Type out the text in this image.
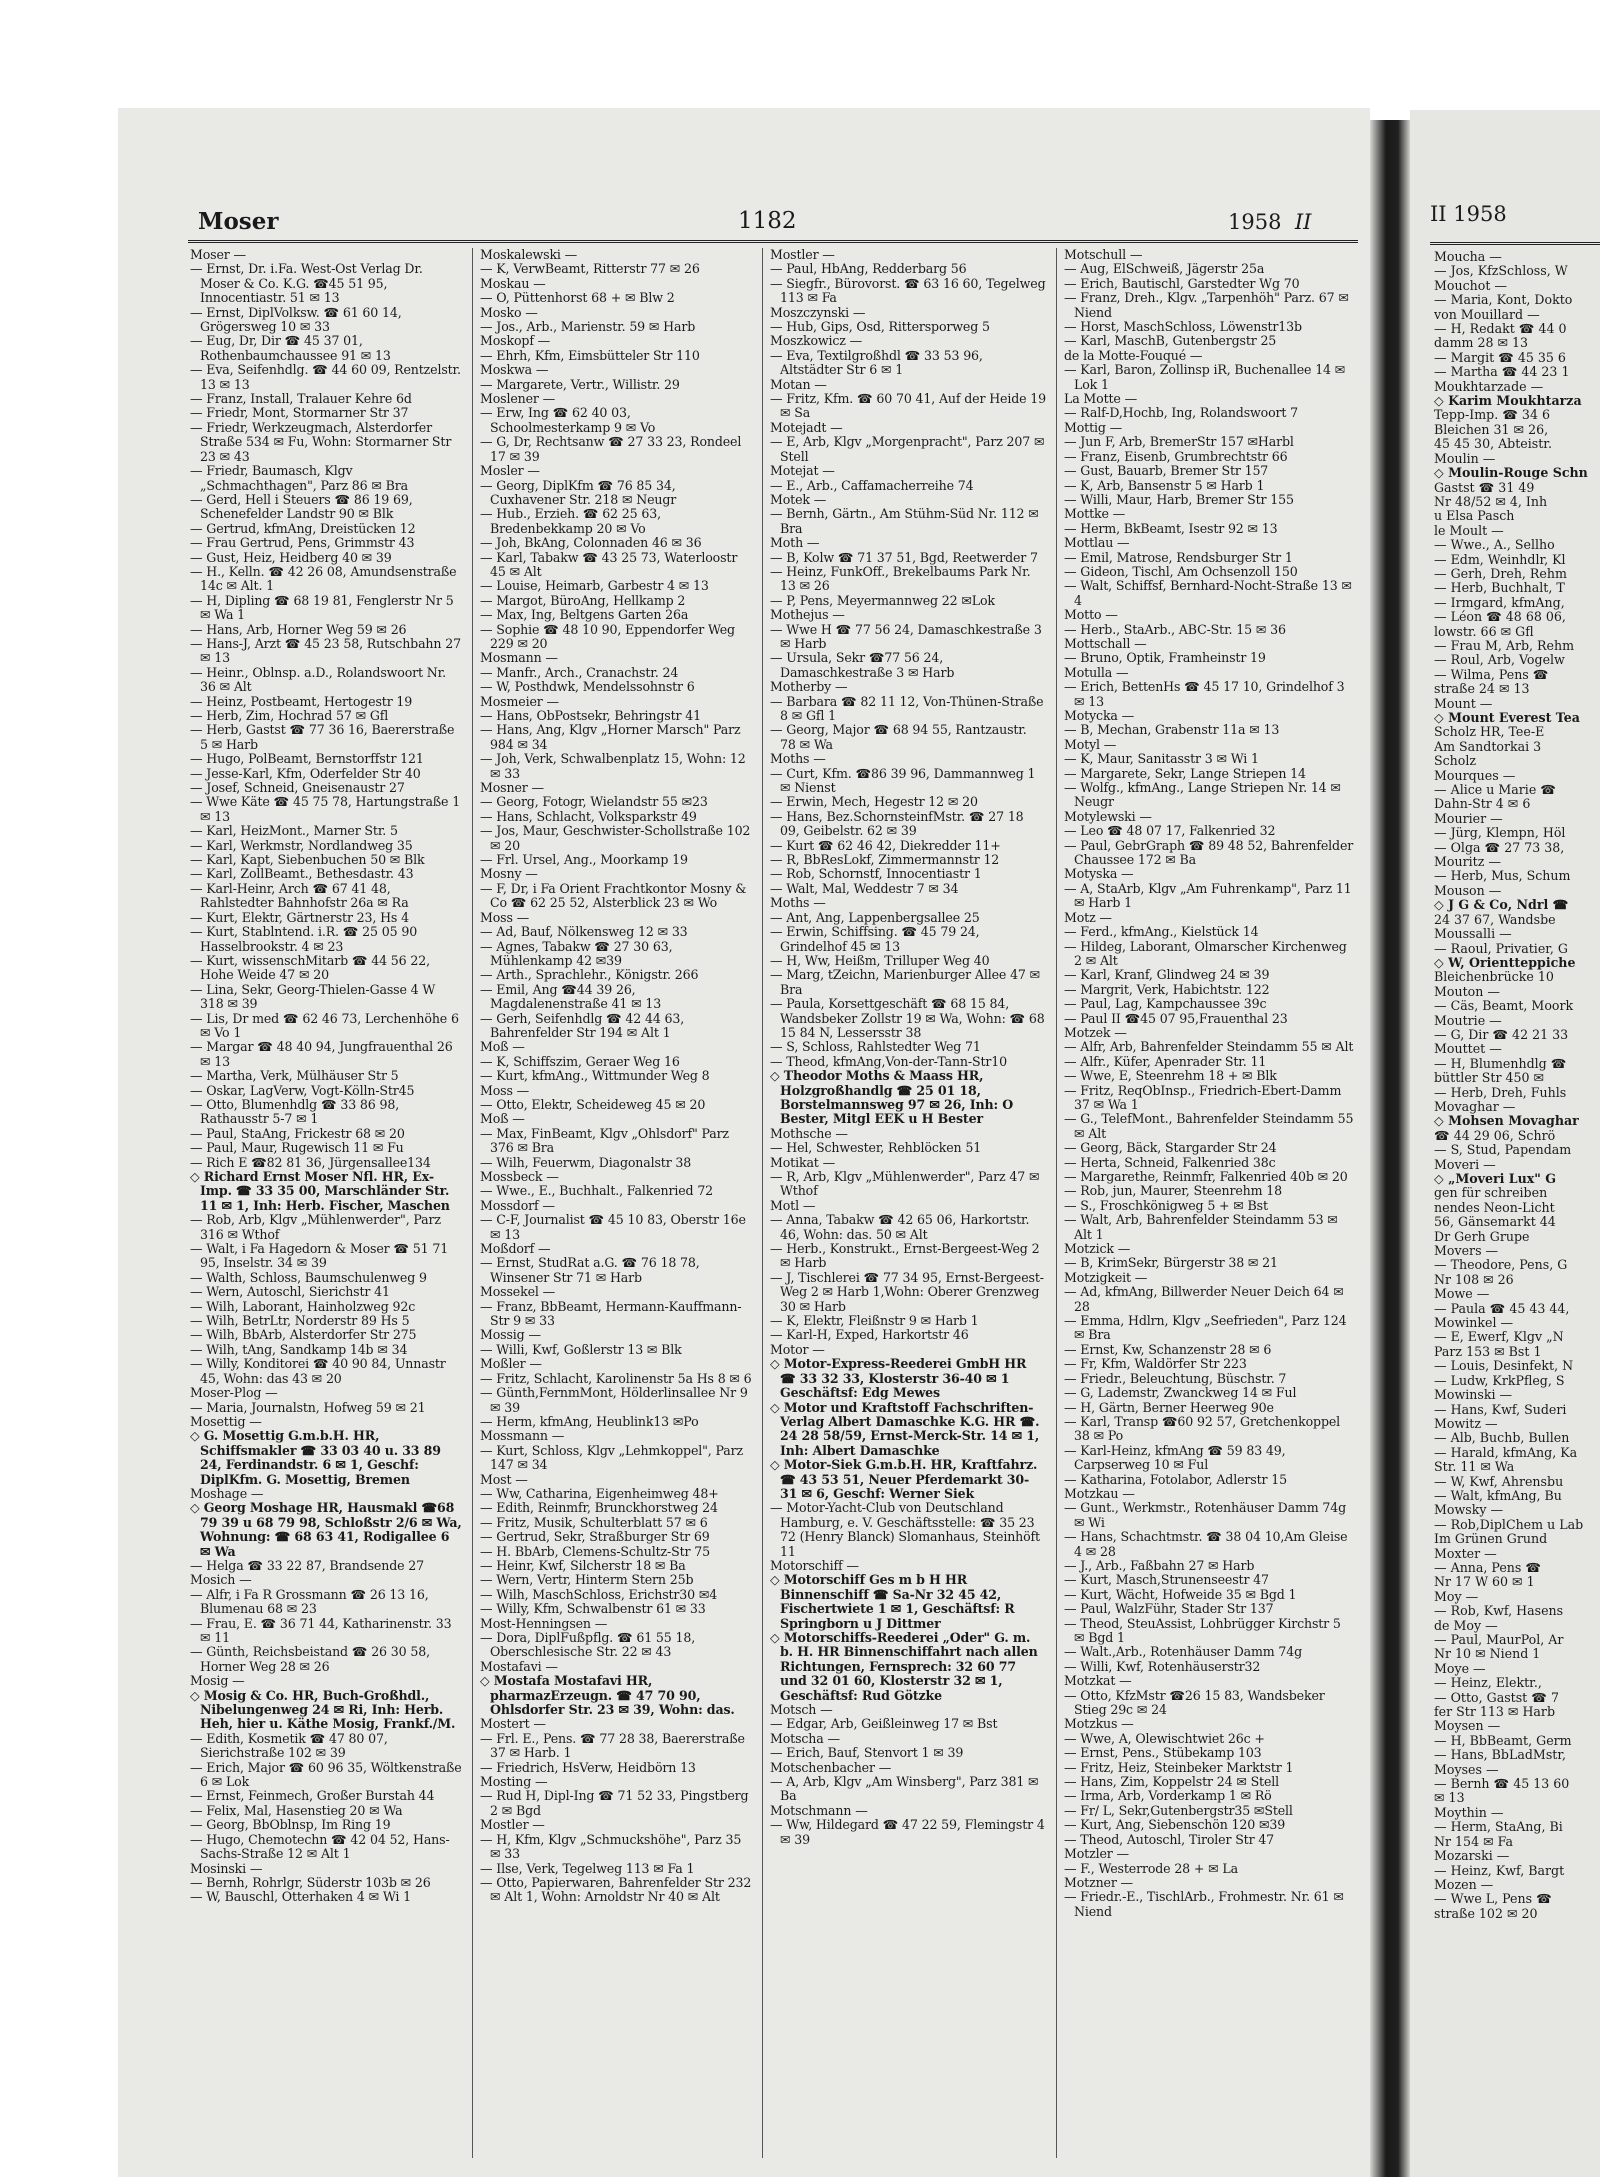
Moser	1182	1958 II

Moser —

— Ernst, Dr. i.Fa. West-Ost Verlag Dr. Moser & Co. K.G. ☎45 51 95, Innocentiastr. 51 ✉ 13

— Ernst, DiplVolksw. ☎ 61 60 14, Grögersweg 10 ✉ 33

— Eug, Dr, Dir ☎ 45 37 01, Rothenbaumchaussee 91 ✉ 13

— Eva, Seifenhdlg. ☎ 44 60 09, Rentzelstr. 13 ✉ 13

— Franz, Install, Tralauer Kehre 6d

— Friedr, Mont, Stormarner Str 37

— Friedr, Werkzeugmach, Alsterdorfer Straße 534 ✉ Fu, Wohn: Stormarner Str 23 ✉ 43

— Friedr, Baumasch, Klgv „Schmachthagen", Parz 86 ✉ Bra

— Gerd, Hell i Steuers ☎ 86 19 69, Schenefelder Landstr 90 ✉ Blk

— Gertrud, kfmAng, Dreistücken 12

— Frau Gertrud, Pens, Grimmstr 43

— Gust, Heiz, Heidberg 40 ✉ 39

— H., Kelln. ☎ 42 26 08, Amundsenstraße 14c ✉ Alt. 1

— H, Dipling ☎ 68 19 81, Fenglerstr Nr 5 ✉ Wa 1

— Hans, Arb, Horner Weg 59 ✉ 26

— Hans-J, Arzt ☎ 45 23 58, Rutschbahn 27 ✉ 13

— Heinr., Oblnsp. a.D., Rolandswoort Nr. 36 ✉ Alt

— Heinz, Postbeamt, Hertogestr 19

— Herb, Zim, Hochrad 57 ✉ Gfl

— Herb, Gastst ☎ 77 36 16, Baererstraße 5 ✉ Harb

— Hugo, PolBeamt, Bernstorffstr 121

— Jesse-Karl, Kfm, Oderfelder Str 40

— Josef, Schneid, Gneisenaustr 27

— Wwe Käte ☎ 45 75 78, Hartungstraße 1 ✉ 13

— Karl, HeizMont., Marner Str. 5

— Karl, Werkmstr, Nordlandweg 35

— Karl, Kapt, Siebenbuchen 50 ✉ Blk

— Karl, ZollBeamt., Bethesdastr. 43

— Karl-Heinr, Arch ☎ 67 41 48, Rahlstedter Bahnhofstr 26a ✉ Ra

— Kurt, Elektr, Gärtnerstr 23, Hs 4

— Kurt, Stablntend. i.R. ☎ 25 05 90 Hasselbrookstr. 4 ✉ 23

— Kurt, wissenschMitarb ☎ 44 56 22, Hohe Weide 47 ✉ 20

— Lina, Sekr, Georg-Thielen-Gasse 4 W 318 ✉ 39

— Lis, Dr med ☎ 62 46 73, Lerchenhöhe 6 ✉ Vo 1

— Margar ☎ 48 40 94, Jungfrauenthal 26 ✉ 13

— Martha, Verk, Mülhäuser Str 5

— Oskar, LagVerw, Vogt-Kölln-Str45

— Otto, Blumenhdlg ☎ 33 86 98, Rathausstr 5-7 ✉ 1

— Paul, StaAng, Frickestr 68 ✉ 20

— Paul, Maur, Rugewisch 11 ✉ Fu

— Rich E ☎82 81 36, Jürgensallee134

◇ Richard Ernst Moser Nfl. HR, Ex-Imp. ☎ 33 35 00, Marschländer Str. 11 ✉ 1, Inh: Herb. Fischer, Maschen

— Rob, Arb, Klgv „Mühlenwerder", Parz 316 ✉ Wthof

— Walt, i Fa Hagedorn & Moser ☎ 51 71 95, Inselstr. 34 ✉ 39

— Walth, Schloss, Baumschulenweg 9

— Wern, Autoschl, Sierichstr 41

— Wilh, Laborant, Hainholzweg 92c

— Wilh, BetrLtr, Norderstr 89 Hs 5

— Wilh, BbArb, Alsterdorfer Str 275

— Wilh, tAng, Sandkamp 14b ✉ 34

— Willy, Konditorei ☎ 40 90 84, Unnastr 45, Wohn: das 43 ✉ 20

Moser-Plog —

— Maria, Journalstn, Hofweg 59 ✉ 21

Mosettig —

◇ G. Mosettig G.m.b.H. HR, Schiffsmakler ☎ 33 03 40 u. 33 89 24, Ferdinandstr. 6 ✉ 1, Geschf: DiplKfm. G. Mosettig, Bremen

Moshage —

◇ Georg Moshage HR, Hausmakl ☎68 79 39 u 68 79 98, Schloßstr 2/6 ✉ Wa, Wohnung: ☎ 68 63 41, Rodigallee 6 ✉ Wa

— Helga ☎ 33 22 87, Brandsende 27

Mosich —

— Alfr, i Fa R Grossmann ☎ 26 13 16, Blumenau 68 ✉ 23

— Frau, E. ☎ 36 71 44, Katharinenstr. 33 ✉ 11

— Günth, Reichsbeistand ☎ 26 30 58, Horner Weg 28 ✉ 26

Mosig —

◇ Mosig & Co. HR, Buch-Großhdl., Nibelungenweg 24 ✉ Ri, Inh: Herb. Heh, hier u. Käthe Mosig, Frankf./M.

— Edith, Kosmetik ☎ 47 80 07, Sierichstraße 102 ✉ 39

— Erich, Major ☎ 60 96 35, Wöltkenstraße 6 ✉ Lok

— Ernst, Feinmech, Großer Burstah 44

— Felix, Mal, Hasenstieg 20 ✉ Wa

— Georg, BbOblnsp, Im Ring 19

— Hugo, Chemotechn ☎ 42 04 52, Hans-Sachs-Straße 12 ✉ Alt 1

Mosinski —

— Bernh, Rohrlgr, Süderstr 103b ✉ 26

— W, Bauschl, Otterhaken 4 ✉ Wi 1

Moskalewski —

— K, VerwBeamt, Ritterstr 77 ✉ 26

Moskau —

— O, Püttenhorst 68 + ✉ Blw 2

Mosko —

— Jos., Arb., Marienstr. 59 ✉ Harb

Moskopf —

— Ehrh, Kfm, Eimsbütteler Str 110

Moskwa —

— Margarete, Vertr., Willistr. 29

Moslener —

— Erw, Ing ☎ 62 40 03, Schoolmesterkamp 9 ✉ Vo

— G, Dr, Rechtsanw ☎ 27 33 23, Rondeel 17 ✉ 39

Mosler —

— Georg, DiplKfm ☎ 76 85 34, Cuxhavener Str. 218 ✉ Neugr

— Hub., Erzieh. ☎ 62 25 63, Bredenbekkamp 20 ✉ Vo

— Joh, BkAng, Colonnaden 46 ✉ 36

— Karl, Tabakw ☎ 43 25 73, Waterloostr 45 ✉ Alt

— Louise, Heimarb, Garbestr 4 ✉ 13

— Margot, BüroAng, Hellkamp 2

— Max, Ing, Beltgens Garten 26a

— Sophie ☎ 48 10 90, Eppendorfer Weg 229 ✉ 20

Mosmann —

— Manfr., Arch., Cranachstr. 24

— W, Posthdwk, Mendelssohnstr 6

Mosmeier —

— Hans, ObPostsekr, Behringstr 41

— Hans, Ang, Klgv „Horner Marsch" Parz 984 ✉ 34

— Joh, Verk, Schwalbenplatz 15, Wohn: 12 ✉ 33

Mosner —

— Georg, Fotogr, Wielandstr 55 ✉23

— Hans, Schlacht, Volksparkstr 49

— Jos, Maur, Geschwister-Schollstraße 102 ✉ 20

— Frl. Ursel, Ang., Moorkamp 19

Mosny —

— F, Dr, i Fa Orient Frachtkontor Mosny & Co ☎ 62 25 52, Alsterblick 23 ✉ Wo

Moss —

— Ad, Bauf, Nölkensweg 12 ✉ 33

— Agnes, Tabakw ☎ 27 30 63, Mühlenkamp 42 ✉39

— Arth., Sprachlehr., Königstr. 266

— Emil, Ang ☎44 39 26, Magdalenenstraße 41 ✉ 13

— Gerh, Seifenhdlg ☎ 42 44 63, Bahrenfelder Str 194 ✉ Alt 1

Moß —

— K, Schiffszim, Geraer Weg 16

— Kurt, kfmAng., Wittmunder Weg 8

Moss —

— Otto, Elektr, Scheideweg 45 ✉ 20

Moß —

— Max, FinBeamt, Klgv „Ohlsdorf" Parz 376 ✉ Bra

— Wilh, Feuerwm, Diagonalstr 38

Mossbeck —

— Wwe., E., Buchhalt., Falkenried 72

Mossdorf —

— C-F, Journalist ☎ 45 10 83, Oberstr 16e ✉ 13

Moßdorf —

— Ernst, StudRat a.G. ☎ 76 18 78, Winsener Str 71 ✉ Harb

Mossekel —

— Franz, BbBeamt, Hermann-Kauffmann-Str 9 ✉ 33

Mossig —

— Willi, Kwf, Goßlerstr 13 ✉ Blk

Moßler —

— Fritz, Schlacht, Karolinenstr 5a Hs 8 ✉ 6

— Günth,FernmMont, Hölderlinsallee Nr 9 ✉ 39

— Herm, kfmAng, Heublink13 ✉Po

Mossmann —

— Kurt, Schloss, Klgv „Lehmkoppel", Parz 147 ✉ 34

Most —

— Ww, Catharina, Eigenheimweg 48+

— Edith, Reinmfr, Brunckhorstweg 24

— Fritz, Musik, Schulterblatt 57 ✉ 6

— Gertrud, Sekr, Straßburger Str 69

— H. BbArb, Clemens-Schultz-Str 75

— Heinr, Kwf, Silcherstr 18 ✉ Ba

— Wern, Vertr, Hinterm Stern 25b

— Wilh, MaschSchloss, Erichstr30 ✉4

— Willy, Kfm, Schwalbenstr 61 ✉ 33

Most-Henningsen —

— Dora, DiplFußpflg. ☎ 61 55 18, Oberschlesische Str. 22 ✉ 43

Mostafavi —

◇ Mostafa Mostafavi HR, pharmazErzeugn. ☎ 47 70 90, Ohlsdorfer Str. 23 ✉ 39, Wohn: das.

Mostert —

— Frl. E., Pens. ☎ 77 28 38, Baererstraße 37 ✉ Harb. 1

— Friedrich, HsVerw, Heidbörn 13

Mosting —

— Rud H, Dipl-Ing ☎ 71 52 33, Pingstberg 2 ✉ Bgd

Mostler —

— H, Kfm, Klgv „Schmuckshöhe", Parz 35 ✉ 33

— Ilse, Verk, Tegelweg 113 ✉ Fa 1

— Otto, Papierwaren, Bahrenfelder Str 232 ✉ Alt 1, Wohn: Arnoldstr Nr 40 ✉ Alt

Mostler —

— Paul, HbAng, Redderbarg 56

— Siegfr., Bürovorst. ☎ 63 16 60, Tegelweg 113 ✉ Fa

Moszczynski —

— Hub, Gips, Osd, Rittersporweg 5

Moszkowicz —

— Eva, Textilgroßhdl ☎ 33 53 96, Altstädter Str 6 ✉ 1

Motan —

— Fritz, Kfm. ☎ 60 70 41, Auf der Heide 19 ✉ Sa

Motejadt —

— E, Arb, Klgv „Morgenpracht", Parz 207 ✉ Stell

Motejat —

— E., Arb., Caffamacherreihe 74

Motek —

— Bernh, Gärtn., Am Stühm-Süd Nr. 112 ✉ Bra

Moth —

— B, Kolw ☎ 71 37 51, Bgd, Reetwerder 7

— Heinz, FunkOff., Brekelbaums Park Nr. 13 ✉ 26

— P, Pens, Meyermannweg 22 ✉Lok

Mothejus —

— Wwe H ☎ 77 56 24, Damaschkestraße 3 ✉ Harb

— Ursula, Sekr ☎77 56 24, Damaschkestraße 3 ✉ Harb

Motherby —

— Barbara ☎ 82 11 12, Von-Thünen-Straße 8 ✉ Gfl 1

— Georg, Major ☎ 68 94 55, Rantzaustr. 78 ✉ Wa

Moths —

— Curt, Kfm. ☎86 39 96, Dammannweg 1 ✉ Nienst

— Erwin, Mech, Hegestr 12 ✉ 20

— Hans, Bez.SchornsteinfMstr. ☎ 27 18 09, Geibelstr. 62 ✉ 39

— Kurt ☎ 62 46 42, Diekredder 11+

— R, BbResLokf, Zimmermannstr 12

— Rob, Schornstf, Innocentiastr 1

— Walt, Mal, Weddestr 7 ✉ 34

Moths —

— Ant, Ang, Lappenbergsallee 25

— Erwin, Schiffsing. ☎ 45 79 24, Grindelhof 45 ✉ 13

— H, Ww, Heißm, Trilluper Weg 40

— Marg, tZeichn, Marienburger Allee 47 ✉ Bra

— Paula, Korsettgeschäft ☎ 68 15 84, Wandsbeker Zollstr 19 ✉ Wa, Wohn: ☎ 68 15 84 N, Lessersstr 38

— S, Schloss, Rahlstedter Weg 71

— Theod, kfmAng,Von-der-Tann-Str10

◇ Theodor Moths & Maass HR, Holzgroßhandlg ☎ 25 01 18, Borstelmannsweg 97 ✉ 26, Inh: O Bester, Mitgl EEK u H Bester

Mothsche —

— Hel, Schwester, Rehblöcken 51

Motikat —

— R, Arb, Klgv „Mühlenwerder", Parz 47 ✉ Wthof

Motl —

— Anna, Tabakw ☎ 42 65 06, Harkortstr. 46, Wohn: das. 50 ✉ Alt

— Herb., Konstrukt., Ernst-Bergeest-Weg 2 ✉ Harb

— J, Tischlerei ☎ 77 34 95, Ernst-Bergeest-Weg 2 ✉ Harb 1,Wohn: Oberer Grenzweg 30 ✉ Harb

— K, Elektr, Fleißnstr 9 ✉ Harb 1

— Karl-H, Exped, Harkortstr 46

Motor —

◇ Motor-Express-Reederei GmbH HR ☎ 33 32 33, Klosterstr 36-40 ✉ 1 Geschäftsf: Edg Mewes

◇ Motor und Kraftstoff Fachschriften-Verlag Albert Damaschke K.G. HR ☎. 24 28 58/59, Ernst-Merck-Str. 14 ✉ 1, Inh: Albert Damaschke

◇ Motor-Siek G.m.b.H. HR, Kraftfahrz. ☎ 43 53 51, Neuer Pferdemarkt 30-31 ✉ 6, Geschf: Werner Siek

— Motor-Yacht-Club von Deutschland Hamburg, e. V. Geschäftsstelle: ☎ 35 23 72 (Henry Blanck) Slomanhaus, Steinhöft 11

Motorschiff —

◇ Motorschiff Ges m b H HR Binnenschiff ☎ Sa-Nr 32 45 42, Fischertwiete 1 ✉ 1, Geschäftsf: R Springborn u J Dittmer

◇ Motorschiffs-Reederei „Oder" G. m. b. H. HR Binnenschiffahrt nach allen Richtungen, Fernsprech: 32 60 77 und 32 01 60, Klosterstr 32 ✉ 1, Geschäftsf: Rud Götzke

Motsch —

— Edgar, Arb, Geißleinweg 17 ✉ Bst

Motscha —

— Erich, Bauf, Stenvort 1 ✉ 39

Motschenbacher —

— A, Arb, Klgv „Am Winsberg", Parz 381 ✉ Ba

Motschmann —

— Ww, Hildegard ☎ 47 22 59, Flemingstr 4 ✉ 39

Motschull —

— Aug, ElSchweiß, Jägerstr 25a

— Erich, Bautischl, Garstedter Wg 70

— Franz, Dreh., Klgv. „Tarpenhöh" Parz. 67 ✉ Niend

— Horst, MaschSchloss, Löwenstr13b

— Karl, MaschB, Gutenbergstr 25

de la Motte-Fouqué —

— Karl, Baron, Zollinsp iR, Buchenallee 14 ✉ Lok 1

La Motte —

— Ralf-D,Hochb, Ing, Rolandswoort 7

Mottig —

— Jun F, Arb, BremerStr 157 ✉Harbl

— Franz, Eisenb, Grumbrechtstr 66

— Gust, Bauarb, Bremer Str 157

— K, Arb, Bansenstr 5 ✉ Harb 1

— Willi, Maur, Harb, Bremer Str 155

Mottke —

— Herm, BkBeamt, Isestr 92 ✉ 13

Mottlau —

— Emil, Matrose, Rendsburger Str 1

— Gideon, Tischl, Am Ochsenzoll 150

— Walt, Schiffsf, Bernhard-Nocht-Straße 13 ✉ 4

Motto —

— Herb., StaArb., ABC-Str. 15 ✉ 36

Mottschall —

— Bruno, Optik, Framheinstr 19

Motulla —

— Erich, BettenHs ☎ 45 17 10, Grindelhof 3 ✉ 13

Motycka —

— B, Mechan, Grabenstr 11a ✉ 13

Motyl —

— K, Maur, Sanitasstr 3 ✉ Wi 1

— Margarete, Sekr, Lange Striepen 14

— Wolfg., kfmAng., Lange Striepen Nr. 14 ✉ Neugr

Motylewski —

— Leo ☎ 48 07 17, Falkenried 32

— Paul, GebrGraph ☎ 89 48 52, Bahrenfelder Chaussee 172 ✉ Ba

Motyska —

— A, StaArb, Klgv „Am Fuhrenkamp", Parz 11 ✉ Harb 1

Motz —

— Ferd., kfmAng., Kielstück 14

— Hildeg, Laborant, Olmarscher Kirchenweg 2 ✉ Alt

— Karl, Kranf, Glindweg 24 ✉ 39

— Margrit, Verk, Habichtstr. 122

— Paul, Lag, Kampchaussee 39c

— Paul II ☎45 07 95,Frauenthal 23

Motzek —

— Alfr, Arb, Bahrenfelder Steindamm 55 ✉ Alt

— Alfr., Küfer, Apenrader Str. 11

— Wwe, E, Steenrehm 18 + ✉ Blk

— Fritz, ReqObInsp., Friedrich-Ebert-Damm 37 ✉ Wa 1

— G., TelefMont., Bahrenfelder Steindamm 55 ✉ Alt

— Georg, Bäck, Stargarder Str 24

— Herta, Schneid, Falkenried 38c

— Margarethe, Reinmfr, Falkenried 40b ✉ 20

— Rob, jun, Maurer, Steenrehm 18

— S., Froschkönigweg 5 + ✉ Bst

— Walt, Arb, Bahrenfelder Steindamm 53 ✉ Alt 1

Motzick —

— B, KrimSekr, Bürgerstr 38 ✉ 21

Motzigkeit —

— Ad, kfmAng, Billwerder Neuer Deich 64 ✉ 28

— Emma, Hdlrn, Klgv „Seefrieden", Parz 124 ✉ Bra

— Ernst, Kw, Schanzenstr 28 ✉ 6

— Fr, Kfm, Waldörfer Str 223

— Friedr., Beleuchtung, Büschstr. 7

— G, Lademstr, Zwanckweg 14 ✉ Ful

— H, Gärtn, Berner Heerweg 90e

— Karl, Transp ☎60 92 57, Gretchenkoppel 38 ✉ Po

— Karl-Heinz, kfmAng ☎ 59 83 49, Carpserweg 10 ✉ Ful

— Katharina, Fotolabor, Adlerstr 15

Motzkau —

— Gunt., Werkmstr., Rotenhäuser Damm 74g ✉ Wi

— Hans, Schachtmstr. ☎ 38 04 10,Am Gleise 4 ✉ 28

— J., Arb., Faßbahn 27 ✉ Harb

— Kurt, Masch,Strunenseestr 47

— Kurt, Wächt, Hofweide 35 ✉ Bgd 1

— Paul, WalzFühr, Stader Str 137

— Theod, SteuAssist, Lohbrügger Kirchstr 5 ✉ Bgd 1

— Walt.,Arb., Rotenhäuser Damm 74g

— Willi, Kwf, Rotenhäuserstr32

Motzkat —

— Otto, KfzMstr ☎26 15 83, Wandsbeker Stieg 29c ✉ 24

Motzkus —

— Wwe, A, Olewischtwiet 26c +

— Ernst, Pens., Stübekamp 103

— Fritz, Heiz, Steinbeker Marktstr 1

— Hans, Zim, Koppelstr 24 ✉ Stell

— Irma, Arb, Vorderkamp 1 ✉ Rö

— Fr/ L, Sekr,Gutenbergstr35 ✉Stell

— Kurt, Ang, Siebenschön 120 ✉39

— Theod, Autoschl, Tiroler Str 47

Motzler —

— F., Westerrode 28 + ✉ La

Motzner —

— Friedr.-E., TischlArb., Frohmestr. Nr. 61 ✉ Niend

II 1958
Moucha —
— Jos, KfzSchloss, W
Mouchot —
— Maria, Kont, Dokto
von Mouillard —
— H, Redakt ☎ 44 0
damm 28 ✉ 13
— Margit ☎ 45 35 6
— Martha ☎ 44 23 1
Moukhtarzade —
◇ Karim Moukhtarza
Tepp-Imp. ☎ 34 6
Bleichen 31 ✉ 26,
45 45 30, Abteistr.
Moulin —
◇ Moulin-Rouge Schn
Gastst ☎ 31 49
Nr 48/52 ✉ 4, Inh
u Elsa Pasch
le Moult —
— Wwe., A., Sellho
— Edm, Weinhdlr, Kl
— Gerh, Dreh, Rehm
— Herb, Buchhalt, T
— Irmgard, kfmAng,
— Léon ☎ 48 68 06,
lowstr. 66 ✉ Gfl
— Frau M, Arb, Rehm
— Roul, Arb, Vogelw
— Wilma, Pens ☎
straße 24 ✉ 13
Mount —
◇ Mount Everest Tea
Scholz HR, Tee-E
Am Sandtorkai 3
Scholz
Mourques —
— Alice u Marie ☎
Dahn-Str 4 ✉ 6
Mourier —
— Jürg, Klempn, Höl
— Olga ☎ 27 73 38,
Mouritz —
— Herb, Mus, Schum
Mouson —
◇ J G & Co, Ndrl ☎
24 37 67, Wandsbe
Moussalli —
— Raoul, Privatier, G
◇ W, Orientteppiche
Bleichenbrücke 10
Mouton —
— Cäs, Beamt, Moork
Moutrie —
— G, Dir ☎ 42 21 33
Mouttet —
— H, Blumenhdlg ☎
büttler Str 450 ✉
— Herb, Dreh, Fuhls
Movaghar —
◇ Mohsen Movaghar
☎ 44 29 06, Schrö
— S, Stud, Papendam
Moveri —
◇ „Moveri Lux" G
gen für schreiben
nendes Neon-Licht
56, Gänsemarkt 44
Dr Gerh Grupe
Movers —
— Theodore, Pens, G
Nr 108 ✉ 26
Mowe —
— Paula ☎ 45 43 44,
Mowinkel —
— E, Ewerf, Klgv „N
Parz 153 ✉ Bst 1
— Louis, Desinfekt, N
— Ludw, KrkPfleg, S
Mowinski —
— Hans, Kwf, Suderi
Mowitz —
— Alb, Buchb, Bullen
— Harald, kfmAng, Ka
Str. 11 ✉ Wa
— W, Kwf, Ahrensbu
— Walt, kfmAng, Bu
Mowsky —
— Rob,DiplChem u Lab
Im Grünen Grund
Moxter —
— Anna, Pens ☎
Nr 17 W 60 ✉ 1
Moy —
— Rob, Kwf, Hasens
de Moy —
— Paul, MaurPol, Ar
Nr 10 ✉ Niend 1
Moye —
— Heinz, Elektr.,
— Otto, Gastst ☎ 7
fer Str 113 ✉ Harb
Moysen —
— H, BbBeamt, Germ
— Hans, BbLadMstr,
Moyses —
— Bernh ☎ 45 13 60
✉ 13
Moythin —
— Herm, StaAng, Bi
Nr 154 ✉ Fa
Mozarski —
— Heinz, Kwf, Bargt
Mozen —
— Wwe L, Pens ☎
straße 102 ✉ 20
